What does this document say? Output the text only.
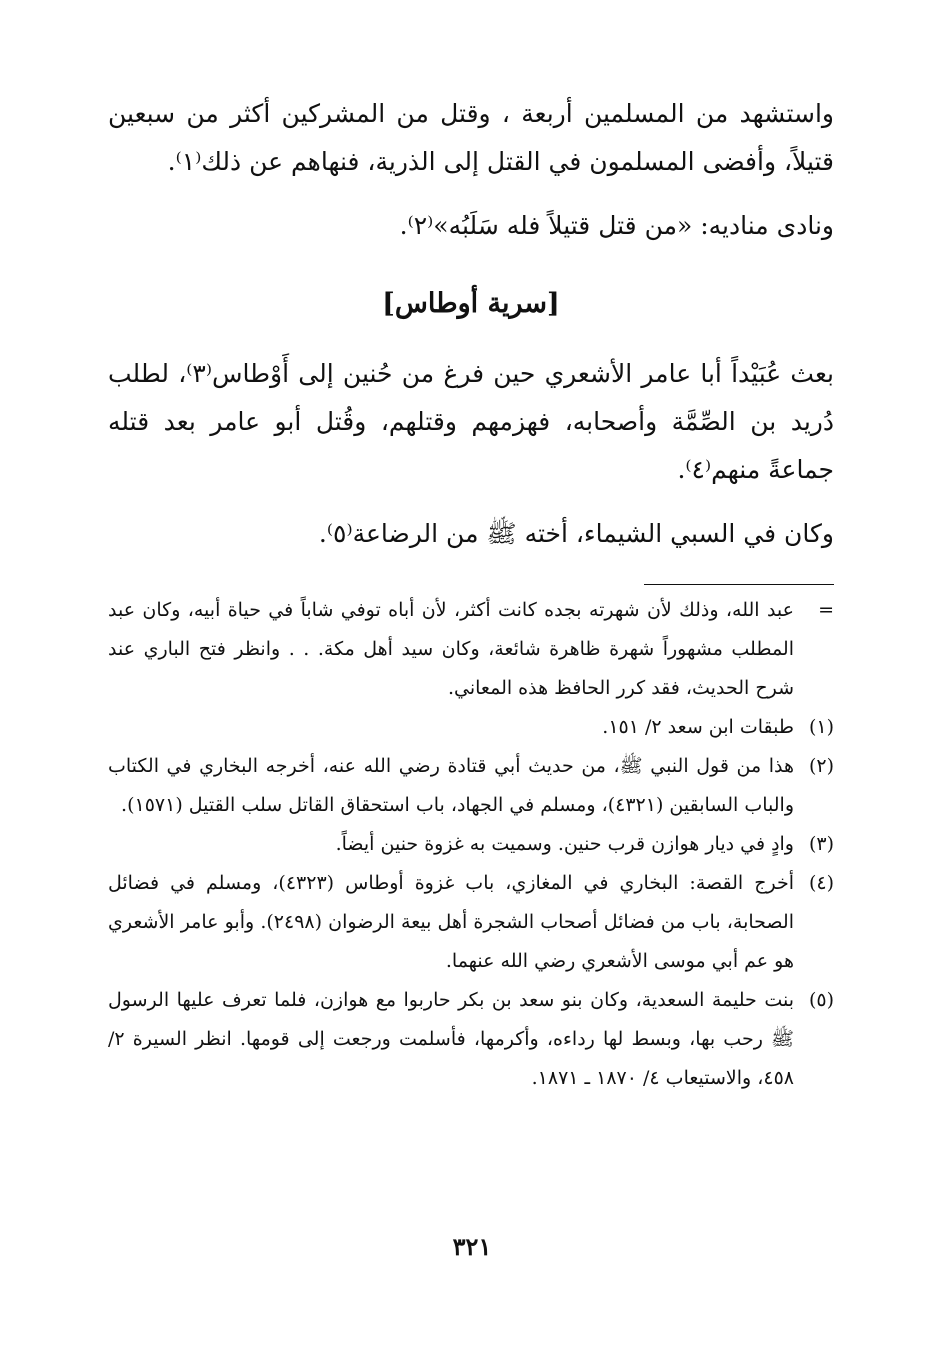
واستشهد من المسلمين أربعة ، وقتل من المشركين أكثر من سبعين قتيلاً، وأفضى المسلمون في القتل إلى الذرية، فنهاهم عن ذلك⁽١⁾.

ونادى مناديه: «من قتل قتيلاً فله سَلَبُه»⁽٢⁾.

[سرية أوطاس]

بعث عُبَيْداً أبا عامر الأشعري حين فرغ من حُنين إلى أَوْطاس⁽٣⁾، لطلب دُريد بن الصِّمَّة وأصحابه، فهزمهم وقتلهم، وقُتل أبو عامر بعد قتله جماعةً منهم⁽٤⁾.

وكان في السبي الشيماء، أخته ﷺ من الرضاعة⁽٥⁾.

=

عبد الله، وذلك لأن شهرته بجده كانت أكثر، لأن أباه توفي شاباً في حياة أبيه، وكان عبد المطلب مشهوراً شهرة ظاهرة شائعة، وكان سيد أهل مكة. . . وانظر فتح الباري عند شرح الحديث، فقد كرر الحافظ هذه المعاني.

(١)

طبقات ابن سعد ٢/ ١٥١.

(٢)

هذا من قول النبي ﷺ، من حديث أبي قتادة رضي الله عنه، أخرجه البخاري في الكتاب والباب السابقين (٤٣٢١)، ومسلم في الجهاد، باب استحقاق القاتل سلب القتيل (١٥٧١).

(٣)

وادٍ في ديار هوازن قرب حنين. وسميت به غزوة حنين أيضاً.

(٤)

أخرج القصة: البخاري في المغازي، باب غزوة أوطاس (٤٣٢٣)، ومسلم في فضائل الصحابة، باب من فضائل أصحاب الشجرة أهل بيعة الرضوان (٢٤٩٨). وأبو عامر الأشعري هو عم أبي موسى الأشعري رضي الله عنهما.

(٥)

بنت حليمة السعدية، وكان بنو سعد بن بكر حاربوا مع هوازن، فلما تعرف عليها الرسول ﷺ رحب بها، وبسط لها رداءه، وأكرمها، فأسلمت ورجعت إلى قومها. انظر السيرة ٢/ ٤٥٨، والاستيعاب ٤/ ١٨٧٠ ـ ١٨٧١.

٣٢١
